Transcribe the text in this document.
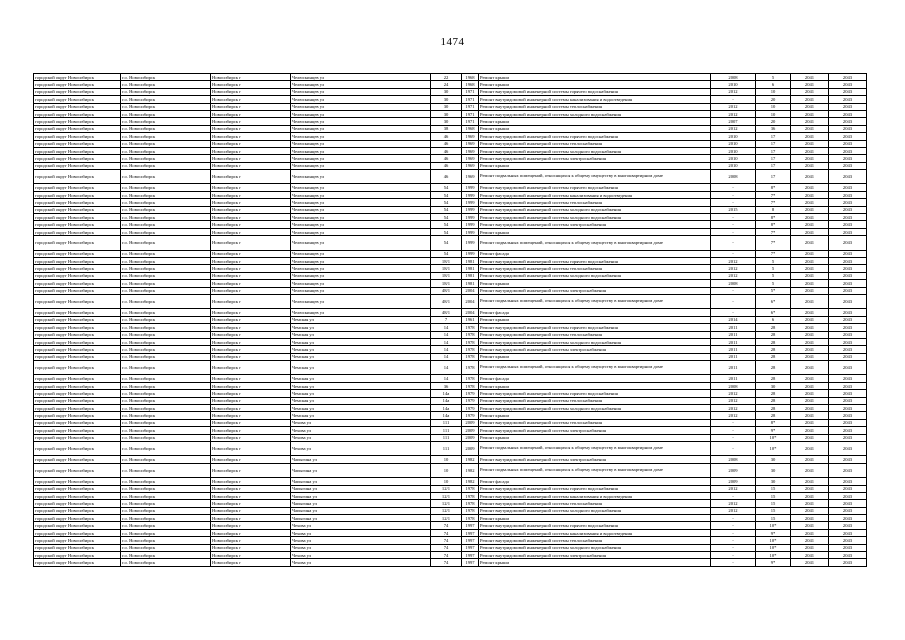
1474
городской округ Новосибирск	г.о. Новосибирск	Новосибирск г	Челюскинцев ул	22	1968	Ремонт крыши	2008	5	2041	2043
городской округ Новосибирск	г.о. Новосибирск	Новосибирск г	Челюскинцев ул	24	1968	Ремонт крыши	2010	6	2041	2043
городской округ Новосибирск	г.о. Новосибирск	Новосибирск г	Челюскинцев ул	30	1971	Ремонт внутридомовой инженерной системы горячего водоснабжения	2012	10	2041	2043
городской округ Новосибирск	г.о. Новосибирск	Новосибирск г	Челюскинцев ул	30	1971	Ремонт внутридомовой инженерной системы канализования и водоотведения	-	20	2041	2043
городской округ Новосибирск	г.о. Новосибирск	Новосибирск г	Челюскинцев ул	30	1971	Ремонт внутридомовой инженерной системы теплоснабжения	2012	10	2041	2043
городской округ Новосибирск	г.о. Новосибирск	Новосибирск г	Челюскинцев ул	30	1971	Ремонт внутридомовой инженерной системы холодного водоснабжения	2012	10	2041	2043
городской округ Новосибирск	г.о. Новосибирск	Новосибирск г	Челюскинцев ул	30	1971	Ремонт крыши	2007	20	2041	2043
городской округ Новосибирск	г.о. Новосибирск	Новосибирск г	Челюскинцев ул	38	1968	Ремонт крыши	2012	36	2041	2043
городской округ Новосибирск	г.о. Новосибирск	Новосибирск г	Челюскинцев ул	46	1969	Ремонт внутридомовой инженерной системы горячего водоснабжения	2010	17	2041	2043
городской округ Новосибирск	г.о. Новосибирск	Новосибирск г	Челюскинцев ул	46	1969	Ремонт внутридомовой инженерной системы теплоснабжения	2010	17	2041	2043
городской округ Новосибирск	г.о. Новосибирск	Новосибирск г	Челюскинцев ул	46	1969	Ремонт внутридомовой инженерной системы холодного водоснабжения	2010	17	2041	2043
городской округ Новосибирск	г.о. Новосибирск	Новосибирск г	Челюскинцев ул	46	1969	Ремонт внутридомовой инженерной системы электроснабжения	2010	17	2041	2043
городской округ Новосибирск	г.о. Новосибирск	Новосибирск г	Челюскинцев ул	46	1969	Ремонт крыши	2010	17	2041	2043
городской округ Новосибирск	г.о. Новосибирск	Новосибирск г	Челюскинцев ул	46	1969	Ремонт подвальных помещений, относящихся к общему имуществу в многоквартирном доме	2008	17	2041	2043
городской округ Новосибирск	г.о. Новосибирск	Новосибирск г	Челюскинцев ул	54	1999	Ремонт внутридомовой инженерной системы горячего водоснабжения	-	8*	2041	2043
городской округ Новосибирск	г.о. Новосибирск	Новосибирск г	Челюскинцев ул	54	1999	Ремонт внутридомовой инженерной системы канализования и водоотведения	-	7*	2041	2043
городской округ Новосибирск	г.о. Новосибирск	Новосибирск г	Челюскинцев ул	54	1999	Ремонт внутридомовой инженерной системы теплоснабжения	-	7*	2041	2043
городской округ Новосибирск	г.о. Новосибирск	Новосибирск г	Челюскинцев ул	54	1999	Ремонт внутридомовой инженерной системы холодного водоснабжения	2015	8	2041	2043
городской округ Новосибирск	г.о. Новосибирск	Новосибирск г	Челюскинцев ул	54	1999	Ремонт внутридомовой инженерной системы холодного водоснабжения	-	8*	2041	2043
городской округ Новосибирск	г.о. Новосибирск	Новосибирск г	Челюскинцев ул	54	1999	Ремонт внутридомовой инженерной системы электроснабжения	-	8*	2041	2043
городской округ Новосибирск	г.о. Новосибирск	Новосибирск г	Челюскинцев ул	54	1999	Ремонт крыши	-	7*	2041	2043
городской округ Новосибирск	г.о. Новосибирск	Новосибирск г	Челюскинцев ул	54	1999	Ремонт подвальных помещений, относящихся к общему имуществу в многоквартирном доме	-	7*	2041	2043
городской округ Новосибирск	г.о. Новосибирск	Новосибирск г	Челюскинцев ул	54	1999	Ремонт фасада	-	7*	2041	2043
городской округ Новосибирск	г.о. Новосибирск	Новосибирск г	Челюскинцев ул	18/1	1981	Ремонт внутридомовой инженерной системы горячего водоснабжения	2012	5	2041	2043
городской округ Новосибирск	г.о. Новосибирск	Новосибирск г	Челюскинцев ул	18/1	1981	Ремонт внутридомовой инженерной системы теплоснабжения	2012	5	2041	2043
городской округ Новосибирск	г.о. Новосибирск	Новосибирск г	Челюскинцев ул	18/1	1981	Ремонт внутридомовой инженерной системы холодного водоснабжения	2012	5	2041	2043
городской округ Новосибирск	г.о. Новосибирск	Новосибирск г	Челюскинцев ул	18/1	1981	Ремонт крыши	2008	5	2041	2043
городской округ Новосибирск	г.о. Новосибирск	Новосибирск г	Челюскинцев ул	48/1	2004	Ремонт внутридомовой инженерной системы электроснабжения	-	5*	2041	2043
городской округ Новосибирск	г.о. Новосибирск	Новосибирск г	Челюскинцев ул	48/1	2004	Ремонт подвальных помещений, относящихся к общему имуществу в многоквартирном доме	-	6*	2041	2043
городской округ Новосибирск	г.о. Новосибирск	Новосибирск г	Челюскинцев ул	48/1	2004	Ремонт фасада	-	6*	2041	2043
городской округ Новосибирск	г.о. Новосибирск	Новосибирск г	Чемская ул	7	1961	Ремонт крыши	2014	6	2041	2043
городской округ Новосибирск	г.о. Новосибирск	Новосибирск г	Чемская ул	14	1978	Ремонт внутридомовой инженерной системы горячего водоснабжения	2011	28	2041	2043
городской округ Новосибирск	г.о. Новосибирск	Новосибирск г	Чемская ул	14	1978	Ремонт внутридомовой инженерной системы теплоснабжения	2011	28	2041	2043
городской округ Новосибирск	г.о. Новосибирск	Новосибирск г	Чемская ул	14	1978	Ремонт внутридомовой инженерной системы холодного водоснабжения	2011	28	2041	2043
городской округ Новосибирск	г.о. Новосибирск	Новосибирск г	Чемская ул	14	1978	Ремонт внутридомовой инженерной системы электроснабжения	2011	28	2041	2043
городской округ Новосибирск	г.о. Новосибирск	Новосибирск г	Чемская ул	14	1978	Ремонт крыши	2011	28	2041	2043
городской округ Новосибирск	г.о. Новосибирск	Новосибирск г	Чемская ул	14	1978	Ремонт подвальных помещений, относящихся к общему имуществу в многоквартирном доме	2011	28	2041	2043
городской округ Новосибирск	г.о. Новосибирск	Новосибирск г	Чемская ул	14	1978	Ремонт фасада	2011	28	2041	2043
городской округ Новосибирск	г.о. Новосибирск	Новосибирск г	Чемская ул	36	1978	Ремонт крыши	2008	30	2041	2043
городской округ Новосибирск	г.о. Новосибирск	Новосибирск г	Чемская ул	14а	1979	Ремонт внутридомовой инженерной системы горячего водоснабжения	2012	28	2041	2043
городской округ Новосибирск	г.о. Новосибирск	Новосибирск г	Чемская ул	14а	1979	Ремонт внутридомовой инженерной системы теплоснабжения	2012	28	2041	2043
городской округ Новосибирск	г.о. Новосибирск	Новосибирск г	Чемская ул	14а	1979	Ремонт внутридомовой инженерной системы холодного водоснабжения	2012	28	2041	2043
городской округ Новосибирск	г.о. Новосибирск	Новосибирск г	Чемская ул	14а	1979	Ремонт крыши	2012	28	2041	2043
городской округ Новосибирск	г.о. Новосибирск	Новосибирск г	Чехова ул	111	2009	Ремонт внутридомовой инженерной системы теплоснабжения	-	8*	2041	2043
городской округ Новосибирск	г.о. Новосибирск	Новосибирск г	Чехова ул	111	2009	Ремонт внутридомовой инженерной системы электроснабжения	-	9*	2041	2043
городской округ Новосибирск	г.о. Новосибирск	Новосибирск г	Чехова ул	111	2009	Ремонт крыши	-	10*	2041	2043
городской округ Новосибирск	г.о. Новосибирск	Новосибирск г	Чехова ул	111	2009	Ремонт подвальных помещений, относящихся к общему имуществу в многоквартирном доме	-	10*	2041	2043
городской округ Новосибирск	г.о. Новосибирск	Новосибирск г	Чапыгина ул	10	1982	Ремонт внутридомовой инженерной системы электроснабжения	2008	30	2041	2043
городской округ Новосибирск	г.о. Новосибирск	Новосибирск г	Чапыгина ул	10	1982	Ремонт подвальных помещений, относящихся к общему имуществу в многоквартирном доме	2009	30	2041	2043
городской округ Новосибирск	г.о. Новосибирск	Новосибирск г	Чапыгина ул	10	1982	Ремонт фасада	2009	30	2041	2043
городской округ Новосибирск	г.о. Новосибирск	Новосибирск г	Чапыгина ул	12/1	1978	Ремонт внутридомовой инженерной системы горячего водоснабжения	2012	15	2041	2043
городской округ Новосибирск	г.о. Новосибирск	Новосибирск г	Чапыгина ул	12/1	1978	Ремонт внутридомовой инженерной системы канализования и водоотведения	-	15	2041	2043
городской округ Новосибирск	г.о. Новосибирск	Новосибирск г	Чапыгина ул	12/1	1978	Ремонт внутридомовой инженерной системы теплоснабжения	2012	15	2041	2043
городской округ Новосибирск	г.о. Новосибирск	Новосибирск г	Чапыгина ул	12/1	1978	Ремонт внутридомовой инженерной системы холодного водоснабжения	2012	15	2041	2043
городской округ Новосибирск	г.о. Новосибирск	Новосибирск г	Чапыгина ул	12/1	1978	Ремонт крыши	-	15	2041	2043
городской округ Новосибирск	г.о. Новосибирск	Новосибирск г	Чехова ул	74	1997	Ремонт внутридомовой инженерной системы горячего водоснабжения	-	10*	2041	2043
городской округ Новосибирск	г.о. Новосибирск	Новосибирск г	Чехова ул	74	1997	Ремонт внутридомовой инженерной системы канализования и водоотведения	-	9*	2041	2043
городской округ Новосибирск	г.о. Новосибирск	Новосибирск г	Чехова ул	74	1997	Ремонт внутридомовой инженерной системы теплоснабжения	-	10*	2041	2043
городской округ Новосибирск	г.о. Новосибирск	Новосибирск г	Чехова ул	74	1997	Ремонт внутридомовой инженерной системы холодного водоснабжения	-	10*	2041	2043
городской округ Новосибирск	г.о. Новосибирск	Новосибирск г	Чехова ул	74	1997	Ремонт внутридомовой инженерной системы электроснабжения	-	10*	2041	2043
городской округ Новосибирск	г.о. Новосибирск	Новосибирск г	Чехова ул	74	1997	Ремонт крыши	-	9*	2041	2043
